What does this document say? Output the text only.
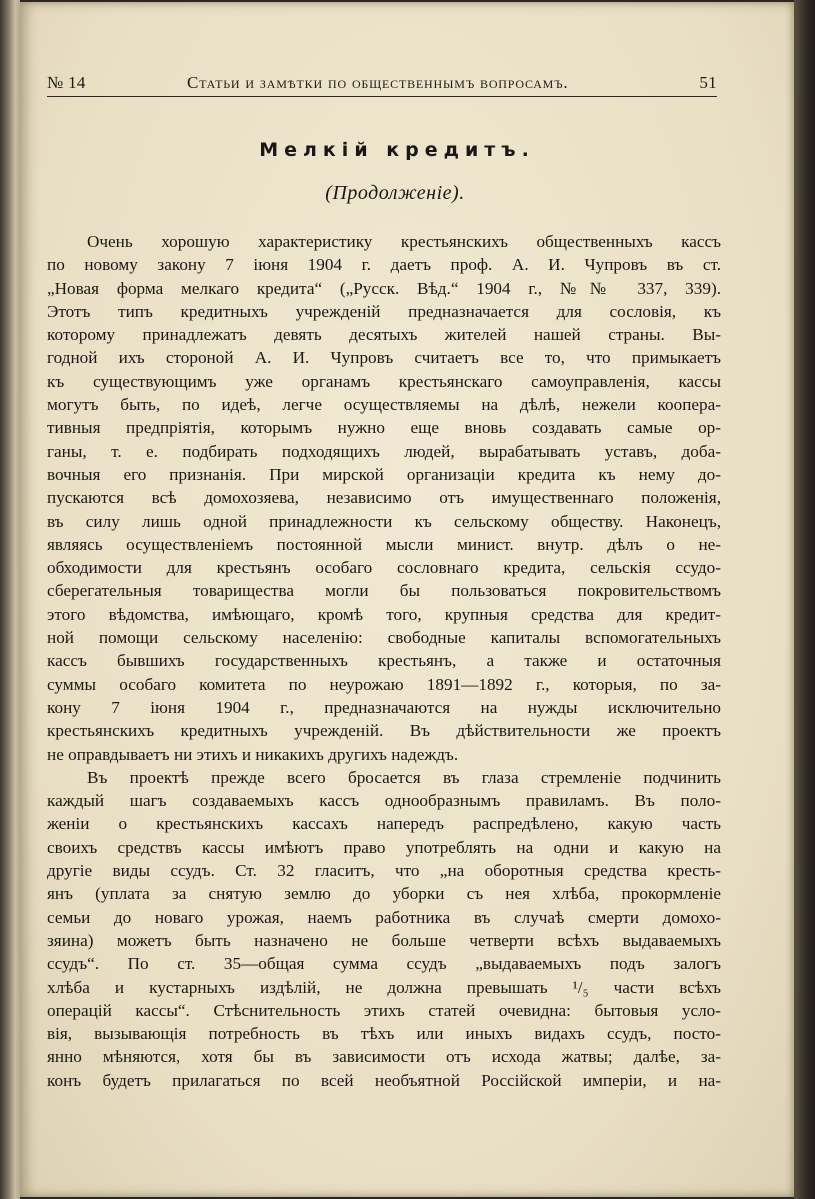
№ 14	Статьи и замѣтки по общественнымъ вопросамъ.	51
Мелкій кредитъ.
(Продолженіе).
Очень хорошую характеристику крестьянскихъ общественныхъ кассъ
по новому закону 7 іюня 1904 г. даетъ проф. А. И. Чупровъ въ ст.
„Новая форма мелкаго кредита“ („Русск. Вѣд.“ 1904 г., №№ 337, 339).
Этотъ типъ кредитныхъ учрежденій предназначается для сословія, къ
которому принадлежатъ девять десятыхъ жителей нашей страны. Вы-
годной ихъ стороной А. И. Чупровъ считаетъ все то, что примыкаетъ
къ существующимъ уже органамъ крестьянскаго самоуправленія, кассы
могутъ быть, по идеѣ, легче осуществляемы на дѣлѣ, нежели коопера-
тивныя предпріятія, которымъ нужно еще вновь создавать самые ор-
ганы, т. е. подбирать подходящихъ людей, вырабатывать уставъ, доба-
вочныя его признанія. При мирской организаціи кредита къ нему до-
пускаются всѣ домохозяева, независимо отъ имущественнаго положенія,
въ силу лишь одной принадлежности къ сельскому обществу. Наконецъ,
являясь осуществленіемъ постоянной мысли минист. внутр. дѣлъ о не-
обходимости для крестьянъ особаго сословнаго кредита, сельскія ссудо-
сберегательныя товарищества могли бы пользоваться покровительствомъ
этого вѣдомства, имѣющаго, кромѣ того, крупныя средства для кредит-
ной помощи сельскому населенію: свободные капиталы вспомогательныхъ
кассъ бывшихъ государственныхъ крестьянъ, а также и остаточныя
суммы особаго комитета по неурожаю 1891—1892 г., которыя, по за-
кону 7 іюня 1904 г., предназначаются на нужды исключительно
крестьянскихъ кредитныхъ учрежденій. Въ дѣйствительности же проектъ
не оправдываетъ ни этихъ и никакихъ другихъ надеждъ.
Въ проектѣ прежде всего бросается въ глаза стремленіе подчинить
каждый шагъ создаваемыхъ кассъ однообразнымъ правиламъ. Въ поло-
женіи о крестьянскихъ кассахъ напередъ распредѣлено, какую часть
своихъ средствъ кассы имѣютъ право употреблять на одни и какую на
другіе виды ссудъ. Ст. 32 гласитъ, что „на оборотныя средства кресть-
янъ (уплата за снятую землю до уборки съ нея хлѣба, прокормленіе
семьи до новаго урожая, наемъ работника въ случаѣ смерти домохо-
зяина) можетъ быть назначено не больше четверти всѣхъ выдаваемыхъ
ссудъ“. По ст. 35—общая сумма ссудъ „выдаваемыхъ подъ залогъ
хлѣба и кустарныхъ издѣлій, не должна превышать ¹/₅ части всѣхъ
операцій кассы“. Стѣснительность этихъ статей очевидна: бытовыя усло-
вія, вызывающія потребность въ тѣхъ или иныхъ видахъ ссудъ, посто-
янно мѣняются, хотя бы въ зависимости отъ исхода жатвы; далѣе, за-
конъ будетъ прилагаться по всей необъятной Россійской имперіи, и на-
